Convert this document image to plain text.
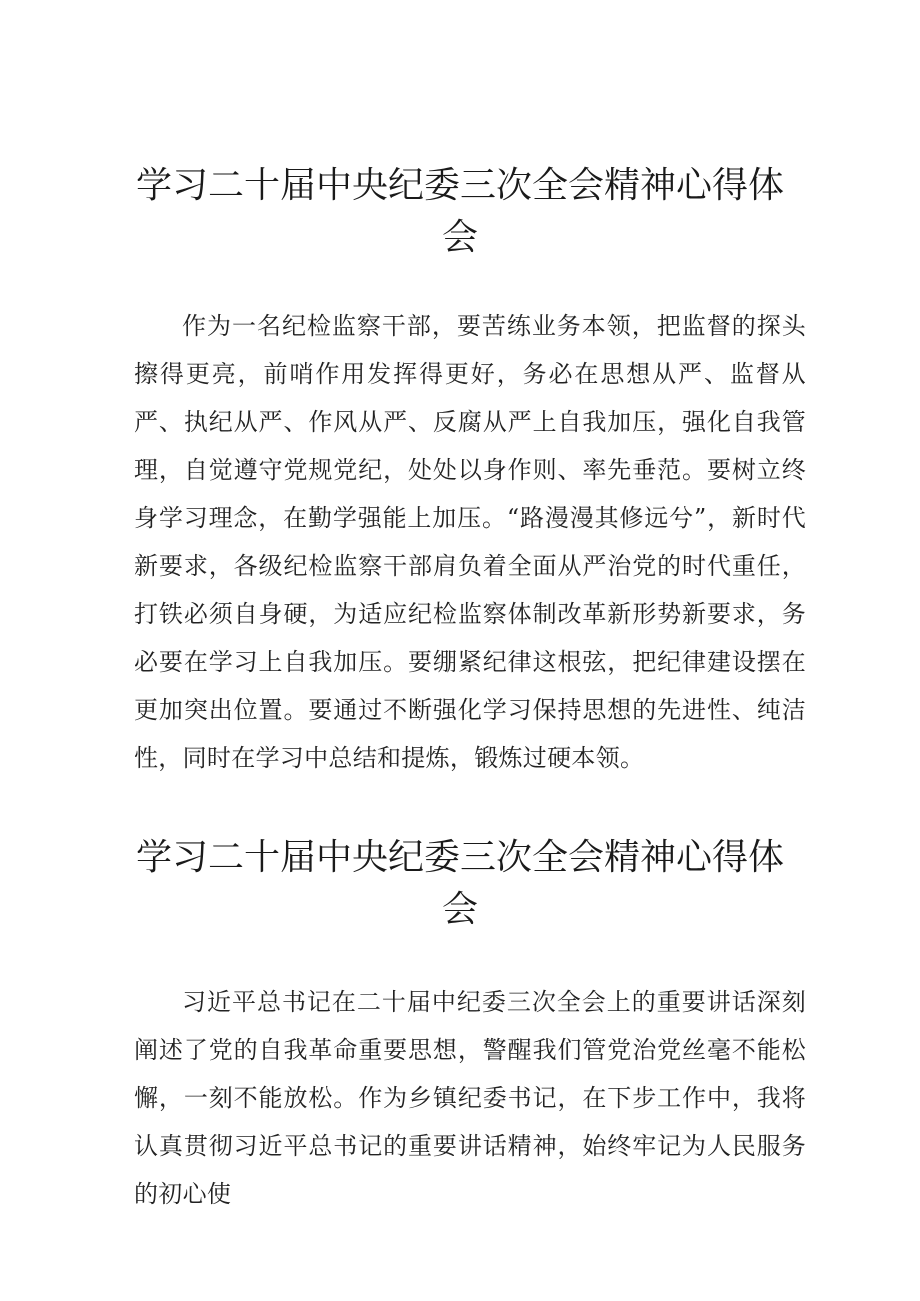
学习二十届中央纪委三次全会精神心得体会

作为一名纪检监察干部，要苦练业务本领，把监督的探头擦得更亮，前哨作用发挥得更好，务必在思想从严、监督从严、执纪从严、作风从严、反腐从严上自我加压，强化自我管理，自觉遵守党规党纪，处处以身作则、率先垂范。要树立终身学习理念，在勤学强能上加压。“路漫漫其修远兮”，新时代新要求，各级纪检监察干部肩负着全面从严治党的时代重任，打铁必须自身硬，为适应纪检监察体制改革新形势新要求，务必要在学习上自我加压。要绷紧纪律这根弦，把纪律建设摆在更加突出位置。要通过不断强化学习保持思想的先进性、纯洁性，同时在学习中总结和提炼，锻炼过硬本领。

学习二十届中央纪委三次全会精神心得体会

习近平总书记在二十届中纪委三次全会上的重要讲话深刻阐述了党的自我革命重要思想，警醒我们管党治党丝毫不能松懈，一刻不能放松。作为乡镇纪委书记，在下步工作中，我将认真贯彻习近平总书记的重要讲话精神，始终牢记为人民服务的初心使
